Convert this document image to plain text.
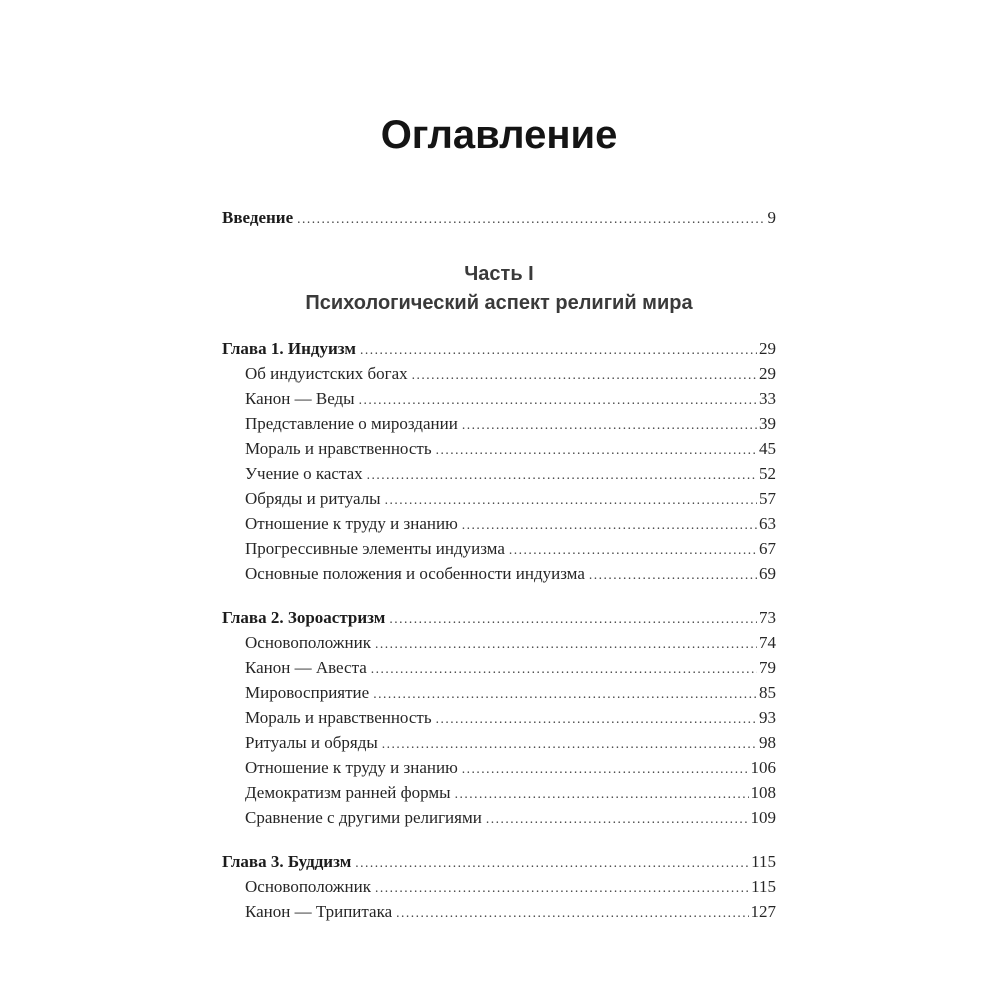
Оглавление
Введение .....	9
Часть I
Психологический аспект религий мира
Глава 1. Индуизм .....	29
Об индуистских богах .....	29
Канон — Веды .....	33
Представление о мироздании .....	39
Мораль и нравственность .....	45
Учение о кастах .....	52
Обряды и ритуалы .....	57
Отношение к труду и знанию .....	63
Прогрессивные элементы индуизма .....	67
Основные положения и особенности индуизма .....	69
Глава 2. Зороастризм .....	73
Основоположник .....	74
Канон — Авеста .....	79
Мировосприятие .....	85
Мораль и нравственность .....	93
Ритуалы и обряды .....	98
Отношение к труду и знанию .....	106
Демократизм ранней формы .....	108
Сравнение с другими религиями .....	109
Глава 3. Буддизм .....	115
Основоположник .....	115
Канон — Трипитака .....	127
